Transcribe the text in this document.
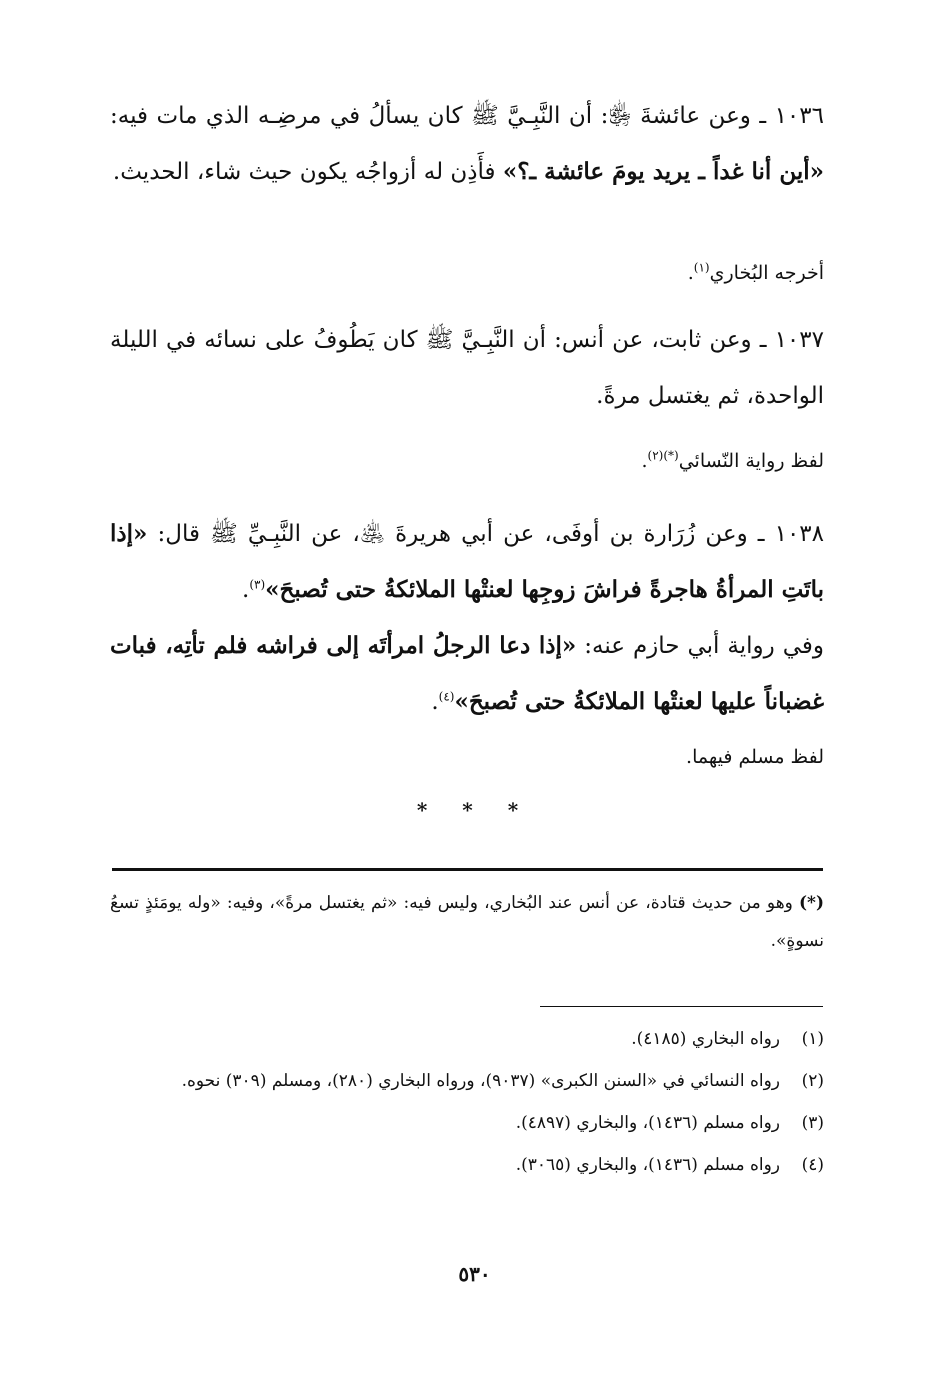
١٠٣٦ ـ وعن عائشةَ ﵂: أن النَّبِـيَّ ﷺ كان يسألُ في مرضِـه الذي مات فيه: «أين أنا غداً ـ يريد يومَ عائشة ـ؟» فأَذِن له أزواجُه يكون حيث شاء، الحديث.
أخرجه البُخاري$^{(١)}$.
١٠٣٧ ـ وعن ثابت، عن أنس: أن النَّبِـيَّ ﷺ كان يَطُوفُ على نسائه في الليلة الواحدة، ثم يغتسل مرةً.
لفظ رواية النّسائي$^{(*)(٢)}$.
١٠٣٨ ـ وعن زُرَارة بن أوفَى، عن أبي هريرةَ ﵁، عن النَّبِـيِّ ﷺ قال: «إذا باتَتِ المرأةُ هاجرةً فراشَ زوجِها لعنتْها الملائكةُ حتى تُصبحَ»$^{(٣)}$.
وفي رواية أبي حازم عنه: «إذا دعا الرجلُ امرأتَه إلى فراشه فلم تأتِه، فبات غضباناً عليها لعنتْها الملائكةُ حتى تُصبحَ»$^{(٤)}$.
لفظ مسلم فيهما.
* * *
(*) وهو من حديث قتادة، عن أنس عند البُخاري، وليس فيه: «ثم يغتسل مرةً»، وفيه: «وله يومَئذٍ تسعُ نسوةٍ».
(١)رواه البخاري (٤١٨٥).
(٢)رواه النسائي في «السنن الكبرى» (٩٠٣٧)، ورواه البخاري (٢٨٠)، ومسلم (٣٠٩) نحوه.
(٣)رواه مسلم (١٤٣٦)، والبخاري (٤٨٩٧).
(٤)رواه مسلم (١٤٣٦)، والبخاري (٣٠٦٥).
٥٣٠
